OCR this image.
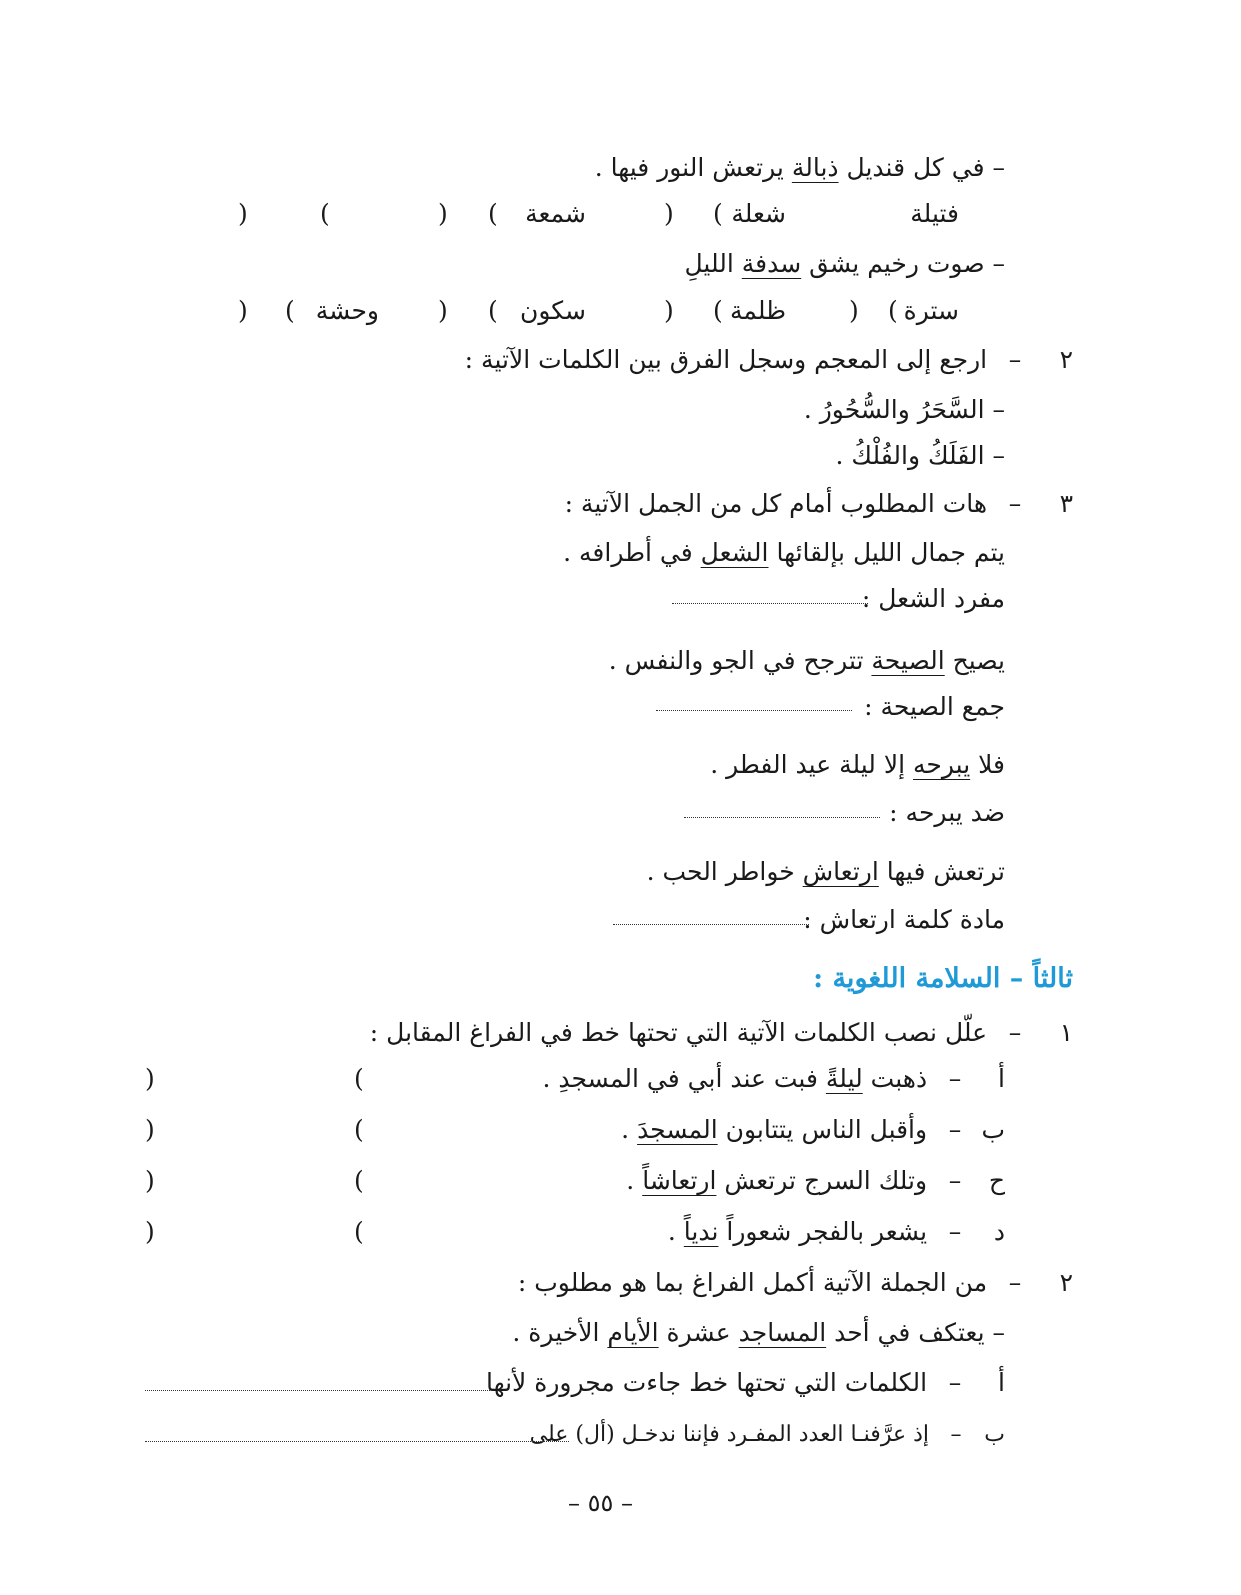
– في كل قنديل ذبالة يرتعش النور فيها .
فتيلة
(
)	شعلة
(
)	شمعة	(
)
– صوت رخيم يشق سدفة الليلِ
سترة
(
)
ظلمة
(
)
سكون
(
)
وحشة
(
)
٢ – ارجع إلى المعجم وسجل الفرق بين الكلمات الآتية :
– السَّحَرُ والسُّحُورُ .
– الفَلَكُ والفُلْكُ .
٣ – هات المطلوب أمام كل من الجمل الآتية :
يتم جمال الليل بإلقائها الشعل في أطرافه .
مفرد الشعل :
يصيح الصيحة تترجح في الجو والنفس .
جمع الصيحة :
فلا يبرحه إلا ليلة عيد الفطر .
ضد يبرحه :
ترتعش فيها ارتعاش خواطر الحب .
مادة كلمة ارتعاش :
ثالثاً – السلامة اللغوية :
١ – علّل نصب الكلمات الآتية التي تحتها خط في الفراغ المقابل :
أ – ذهبت ليلةً فبت عند أبي في المسجدِ .
(
)
ب – وأقبل الناس يتتابون المسجدَ .
(
)
ح – وتلك السرج ترتعش ارتعاشاً .
(
)
د – يشعر بالفجر شعوراً ندياً .
(
)
٢ – من الجملة الآتية أكمل الفراغ بما هو مطلوب :
– يعتكف في أحد المساجد عشرة الأيام الأخيرة .
أ – الكلمات التي تحتها خط جاءت مجرورة لأنها
ب – إذ عرَّفنـا العدد المفـرد فإننا ندخـل (أل) على
– ٥٥ –
